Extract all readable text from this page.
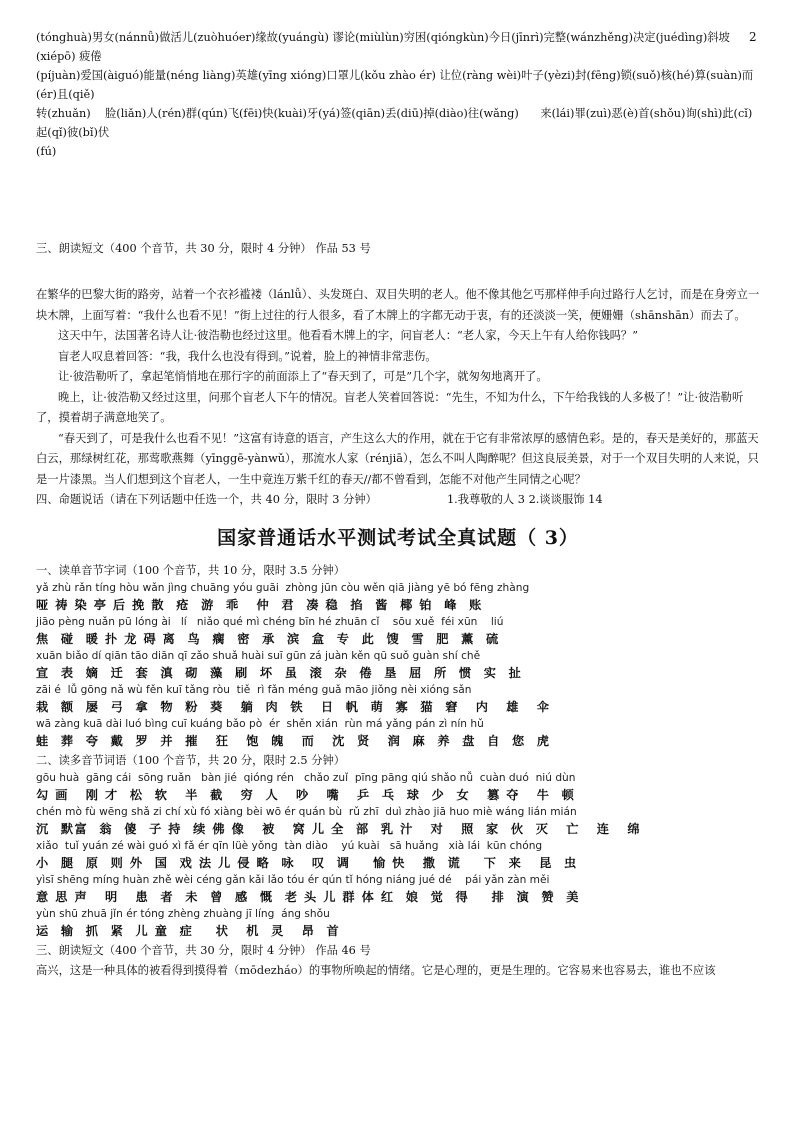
2

(tónghuà)男女(nánnǚ)做活儿(zuòhuóer)缘故(yuángù) 谬论(miùlùn)穷困(qióngkùn)今日(jīnrì)完整(wánzhěng)决定(juédìng)斜坡(xiépō) 疲倦

(píjuàn)爱国(àiguó)能量(néng liàng)英雄(yīng xióng)口罩儿(kǒu zhào ér) 让位(ràng wèi)叶子(yèzi)封(fēng)锁(suǒ)核(hé)算(suàn)而(ér)且(qiě)

转(zhuǎn)    脸(liǎn)人(rén)群(qún)飞(fēi)快(kuài)牙(yá)签(qiān)丢(diū)掉(diào)往(wǎng)      来(lái)罪(zuì)恶(è)首(shǒu)询(shì)此(cǐ)起(qǐ)彼(bǐ)伏

(fú)

三、朗读短文（400 个音节，共 30 分，限时 4 分钟） 作品 53 号

在繁华的巴黎大街的路旁，站着一个衣衫褴褛（lánlǚ）、头发斑白、双目失明的老人。他不像其他乞丐那样伸手向过路行人乞讨，而是在身旁立一块木牌，上面写着：“我什么也看不见！”街上过往的行人很多，看了木牌上的字都无动于衷，有的还淡淡一笑，便姗姗（shānshān）而去了。

这天中午，法国著名诗人让·彼浩勒也经过这里。他看看木牌上的字，问盲老人：“老人家，今天上午有人给你钱吗？”

盲老人叹息着回答：“我，我什么也没有得到。”说着，脸上的神情非常悲伤。

让·彼浩勒听了，拿起笔悄悄地在那行字的前面添上了“春天到了，可是”几个字，就匆匆地离开了。

晚上，让·彼浩勒又经过这里，问那个盲老人下午的情况。盲老人笑着回答说：“先生，不知为什么，下午给我钱的人多极了！”让·彼浩勒听了，摸着胡子满意地笑了。

“春天到了，可是我什么也看不见！”这富有诗意的语言，产生这么大的作用，就在于它有非常浓厚的感情色彩。是的，春天是美好的，那蓝天白云，那绿树红花，那莺歌燕舞（yīnggē-yànwǔ），那流水人家（rénjiā），怎么不叫人陶醉呢？但这良辰美景，对于一个双目失明的人来说，只是一片漆黑。当人们想到这个盲老人，一生中竟连万紫千红的春天//都不曾看到，怎能不对他产生同情之心呢？

四、命题说话（请在下列话题中任选一个，共 40 分，限时 3 分钟）	1.我尊敬的人 3 2.谈谈服饰 14

国家普通话水平测试考试全真试题（ 3）

一、读单音节字词（100 个音节，共 10 分，限时 3.5 分钟）

yǎ zhù rǎn tíng hòu wǎn jìng chuāng yóu guāi  zhòng jūn còu wěn qiā jiàng yē bó fēng zhàng

哑 祷 染 亭 后 挽 散  疮  游  乖   仲  君  凑 稳  掐  酱  椰 铂  峰  账

jiāo pèng nuǎn pū lóng ài   lí   niǎo qué mì chéng bīn hé zhuān cǐ    sōu xuě  féi xūn    liú

焦  碰  暖 扑 龙 碍 离  鸟  瘸  密  承  滨  盒  专  此  馊  雪  肥  薰  硫

xuān biǎo dí qiān tāo diān qī zǎo shuǎ huài suī gūn zá juàn kěn qū suǒ guàn shí chě

宣  表  嫡  迁  套  滇  砌  藻  刷  坏  虽  滚  杂  倦  垦  屈  所  惯  实  扯

zāi é  lǚ gōng nǎ wù fěn kuī tǎng ròu  tiě  rì fǎn méng guǎ māo jiǒng nèi xióng sǎn

栽  额  屡  弓  拿  物  粉  葵   躺  肉  铁   日  帆  萌  寡  猫  窘   内   雄   伞

wā zàng kuā dài luó bìng cuī kuáng bǎo pò  ér  shěn xián  rùn má yǎng pán zì nín hǔ

蛙  葬  夸  戴  罗  并  摧   狂   饱  魄   而   沈  贤   润  麻  养  盘  自  您  虎

二、读多音节词语（100 个音节，共 20 分，限时 2.5 分钟）

gōu huà  gāng cái  sōng ruǎn   bàn jié  qióng rén   chǎo zuǐ  pīng pāng qiú shǎo nǚ  cuàn duó  niú dùn

勾 画   刚 才  松  软   半  截   穷  人   吵   嘴   乒  乓  球  少  女   篡 夺   牛  顿

chén mò fù wēng shǎ zi chí xù fó xiàng bèi wō ér quán bù  rǔ zhī  duì zhào jiā huo miè wáng lián mián

沉  默富  翁  傻  子 持  续 佛 像   被   窝 儿 全  部  乳 汁   对   照  家  伙  灭   亡   连   绵

xiǎo  tuǐ yuán zé wài guó xì fǎ ér qīn lüè yǒng  tàn diào    yú kuài   sā huǎng   xià lái  kūn chóng

小  腿  原  则 外  国  戏 法 儿 侵 略  咏   叹  调    愉 快   撒  谎    下  来   昆  虫

yìsī shēng míng huàn zhě wèi céng gǎn kǎi lǎo tóu ér qún tǐ hóng niáng jué dé    pái yǎn zàn měi

意 思 声   明   患  者  未  曾  感  慨  老 头 儿 群 体 红  娘  觉  得    排  演  赞  美

yùn shū zhuā jǐn ér tóng zhèng zhuàng jī líng  áng shǒu

运  输  抓  紧  儿 童  症    状   机  灵   昂  首

三、朗读短文（400 个音节，共 30 分，限时 4 分钟） 作品 46 号

高兴，这是一种具体的被看得到摸得着（mōdezháo）的事物所唤起的情绪。它是心理的，更是生理的。它容易来也容易去，谁也不应该
